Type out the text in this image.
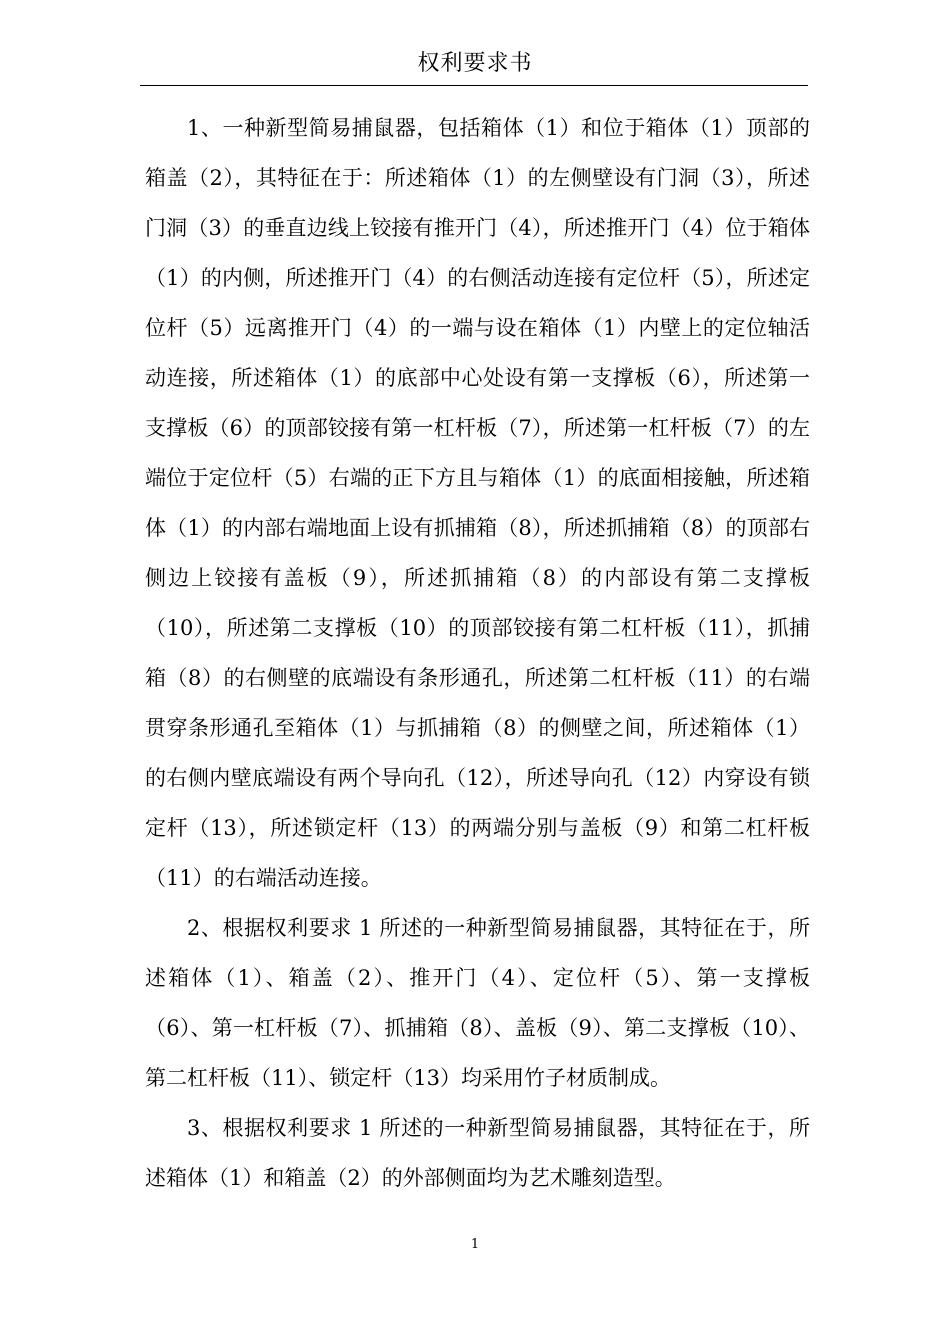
权利要求书

1、一种新型简易捕鼠器，包括箱体（1）和位于箱体（1）顶部的箱盖（2），其特征在于：所述箱体（1）的左侧壁设有门洞（3），所述门洞（3）的垂直边线上铰接有推开门（4），所述推开门（4）位于箱体（1）的内侧，所述推开门（4）的右侧活动连接有定位杆（5），所述定位杆（5）远离推开门（4）的一端与设在箱体（1）内壁上的定位轴活动连接，所述箱体（1）的底部中心处设有第一支撑板（6），所述第一支撑板（6）的顶部铰接有第一杠杆板（7），所述第一杠杆板（7）的左端位于定位杆（5）右端的正下方且与箱体（1）的底面相接触，所述箱体（1）的内部右端地面上设有抓捕箱（8），所述抓捕箱（8）的顶部右侧边上铰接有盖板（9），所述抓捕箱（8）的内部设有第二支撑板（10），所述第二支撑板（10）的顶部铰接有第二杠杆板（11），抓捕箱（8）的右侧壁的底端设有条形通孔，所述第二杠杆板（11）的右端贯穿条形通孔至箱体（1）与抓捕箱（8）的侧壁之间，所述箱体（1）的右侧内壁底端设有两个导向孔（12），所述导向孔（12）内穿设有锁定杆（13），所述锁定杆（13）的两端分别与盖板（9）和第二杠杆板（11）的右端活动连接。

2、根据权利要求 1 所述的一种新型简易捕鼠器，其特征在于，所述箱体（1）、箱盖（2）、推开门（4）、定位杆（5）、第一支撑板（6）、第一杠杆板（7）、抓捕箱（8）、盖板（9）、第二支撑板（10）、第二杠杆板（11）、锁定杆（13）均采用竹子材质制成。

3、根据权利要求 1 所述的一种新型简易捕鼠器，其特征在于，所述箱体（1）和箱盖（2）的外部侧面均为艺术雕刻造型。

1
